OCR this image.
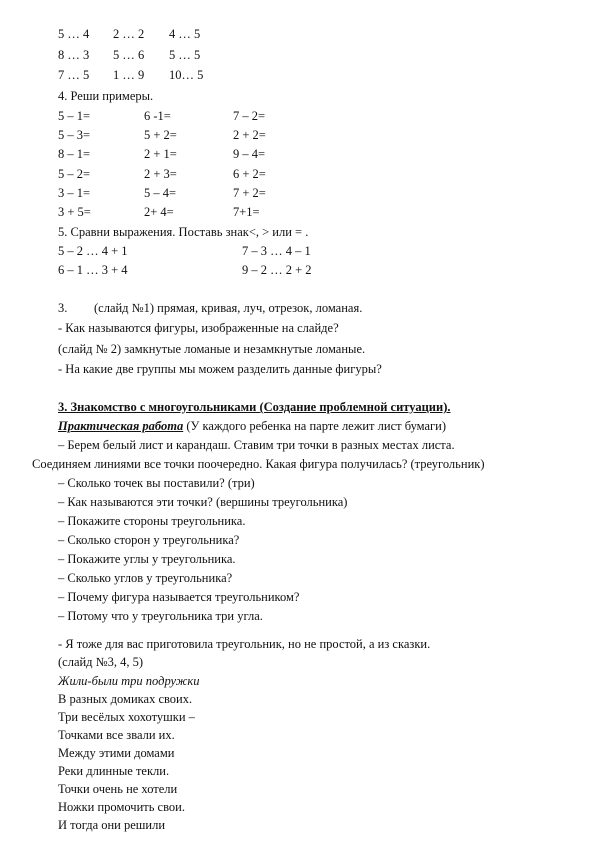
5 … 4 2 … 2 4 … 5
8 … 3 5 … 6 5 … 5
7 … 5 1 … 9 10… 5
4. Реши примеры.
5 – 1=	6 -1=	7 – 2=
5 – 3=	5 + 2=	2 + 2=
8 – 1=	2 + 1=	9 – 4=
5 – 2=	2 + 3=	6 + 2=
3 – 1=	5 – 4=	7 + 2=
3 + 5=	2+ 4=	7+1=
5. Сравни выражения. Поставь знак<, > или = .
5 – 2 … 4 + 1	7 – 3 … 4 – 1
6 – 1 … 3 + 4	9 – 2 … 2 + 2
3. (слайд №1) прямая, кривая, луч, отрезок, ломаная.
- Как называются фигуры, изображенные на слайде?
(слайд № 2) замкнутые ломаные и незамкнутые ломаные.
- На какие две группы мы можем разделить данные фигуры?
3. Знакомство с многоугольниками (Создание проблемной ситуации).
Практическая работа (У каждого ребенка на парте лежит лист бумаги)
– Берем белый лист и карандаш. Ставим три точки в разных местах листа.
Соединяем линиями все точки поочередно. Какая фигура получилась? (треугольник)
– Сколько точек вы поставили? (три)
– Как называются эти точки? (вершины треугольника)
– Покажите стороны треугольника.
– Сколько сторон у треугольника?
– Покажите углы у треугольника.
– Сколько углов у треугольника?
– Почему фигура называется треугольником?
– Потому что у треугольника три угла.
- Я тоже для вас приготовила треугольник, но не простой, а из сказки.
(слайд №3, 4, 5)
Жили-были три подружки
В разных домиках своих.
Три весёлых хохотушки –
Точками все звали их.
Между этими домами
Реки длинные текли.
Точки очень не хотели
Ножки промочить свои.
И тогда они решили
